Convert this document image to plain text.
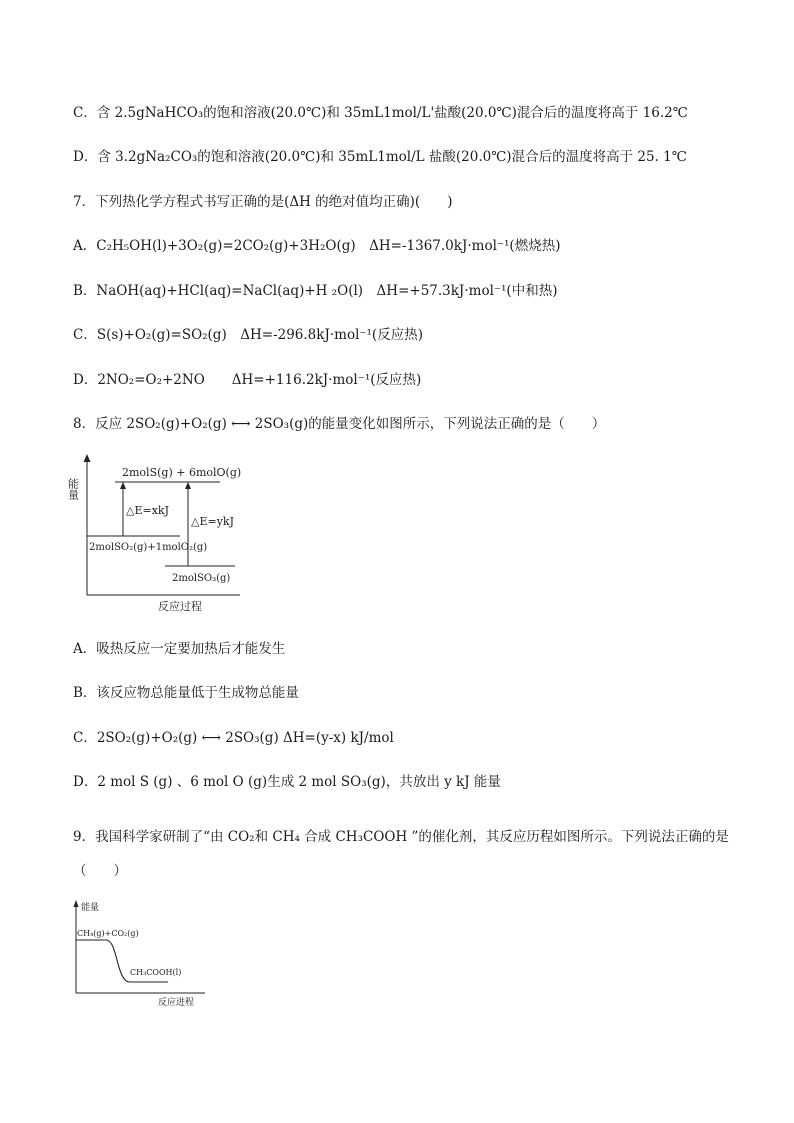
C．含 2.5gNaHCO₃的饱和溶液(20.0℃)和 35mL1mol/L'盐酸(20.0℃)混合后的温度将高于 16.2℃
D．含 3.2gNa₂CO₃的饱和溶液(20.0℃)和 35mL1mol/L 盐酸(20.0℃)混合后的温度将高于 25. 1℃
7．下列热化学方程式书写正确的是(ΔH 的绝对值均正确)(　　)
A．C₂H₅OH(l)+3O₂(g)=2CO₂(g)+3H₂O(g)　ΔH=-1367.0kJ·mol⁻¹(燃烧热)
B．NaOH(aq)+HCl(aq)=NaCl(aq)+H ₂O(l)　ΔH=+57.3kJ·mol⁻¹(中和热)
C．S(s)+O₂(g)=SO₂(g)　ΔH=-296.8kJ·mol⁻¹(反应热)
D．2NO₂=O₂+2NO　　ΔH=+116.2kJ·mol⁻¹(反应热)
8．反应 2SO₂(g)+O₂(g) ⟷ 2SO₃(g)的能量变化如图所示，下列说法正确的是（　　）
能量
反应过程
2molS(g) + 6molO(g)
2molSO₂(g)+1molO₂(g)
2molSO₃(g)
△E=xkJ
△E=ykJ
A．吸热反应一定要加热后才能发生
B．该反应物总能量低于生成物总能量
C．2SO₂(g)+O₂(g) ⟷ 2SO₃(g) ΔH=(y-x) kJ/mol
D．2 mol S (g) 、6 mol O (g)生成 2 mol SO₃(g)，共放出 y kJ 能量
9．我国科学家研制了“由 CO₂和 CH₄ 合成 CH₃COOH ”的催化剂，其反应历程如图所示。下列说法正确的是（　　）
能量
反应进程
CH₄(g)+CO₂(g)
CH₃COOH(l)
